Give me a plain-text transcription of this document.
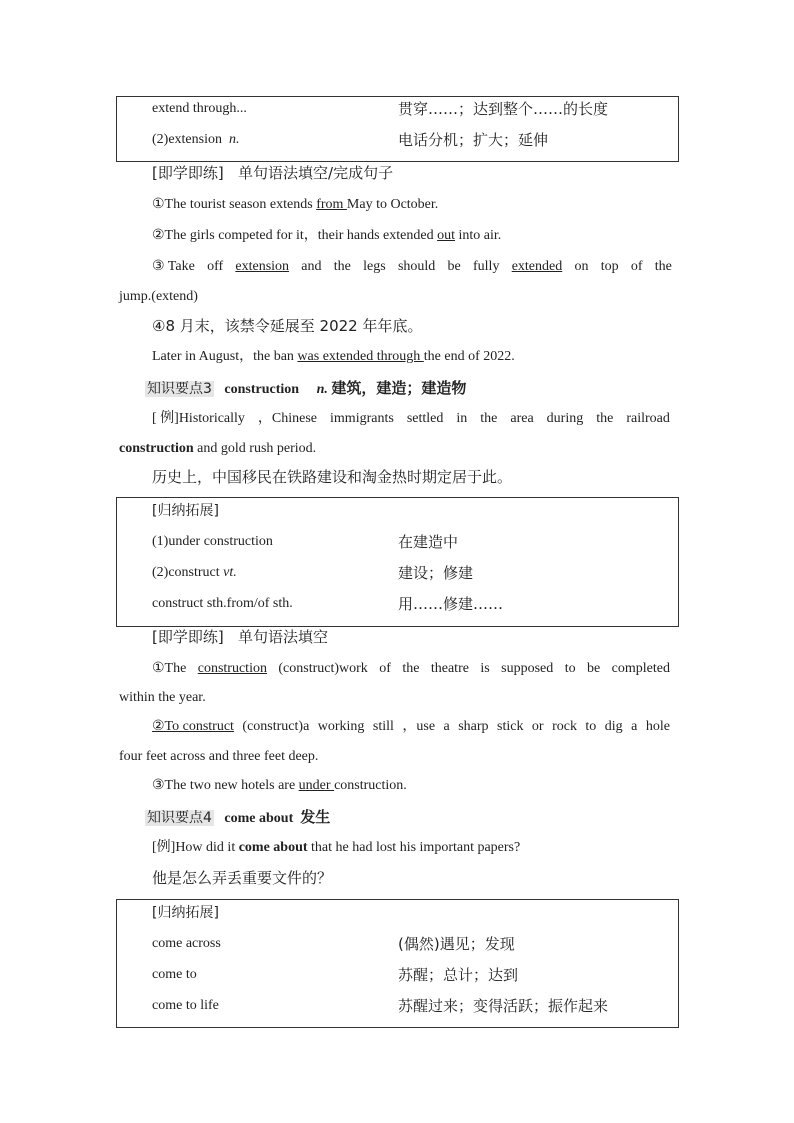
extend through...	贯穿……；达到整个……的长度
(2)extension n.	电话分机；扩大；延伸
[即学即练] 单句语法填空/完成句子
①The tourist season extends from May to October.
②The girls competed for it，their hands extended out into air.
③ Take off extension and the legs should be fully extended on top of the
jump.(extend)
④8 月末，该禁令延展至 2022 年年底。
Later in August，the ban was extended through the end of 2022.
知识要点3 construction n. 建筑，建造；建造物
[ 例]Historically ，Chinese immigrants settled in the area during the railroad
construction and gold rush period.
历史上，中国移民在铁路建设和淘金热时期定居于此。
[归纳拓展]
(1)under construction	在建造中
(2)construct vt.	建设；修建
construct sth.from/of sth.	用……修建……
[即学即练] 单句语法填空
①The construction (construct)work of the theatre is supposed to be completed
within the year.
②To construct (construct)a working still ，use a sharp stick or rock to dig a hole
four feet across and three feet deep.
③The two new hotels are under construction.
知识要点4 come about 发生
[例]How did it come about that he had lost his important papers?
他是怎么弄丢重要文件的？
[归纳拓展]
come across	(偶然)遇见；发现
come to	苏醒；总计；达到
come to life	苏醒过来；变得活跃；振作起来
